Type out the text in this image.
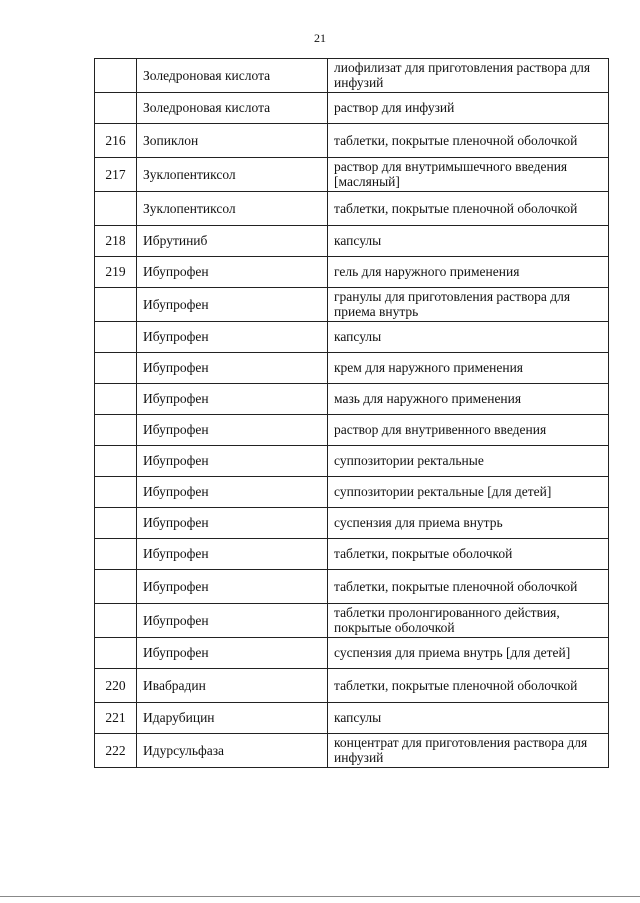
21
	Золедроновая кислота	лиофилизат для приготовления раствора для инфузий
	Золедроновая кислота	раствор для инфузий
216	Зопиклон	таблетки, покрытые пленочной оболочкой
217	Зуклопентиксол	раствор для внутримышечного введения [масляный]
	Зуклопентиксол	таблетки, покрытые пленочной оболочкой
218	Ибрутиниб	капсулы
219	Ибупрофен	гель для наружного применения
	Ибупрофен	гранулы для приготовления раствора для приема внутрь
	Ибупрофен	капсулы
	Ибупрофен	крем для наружного применения
	Ибупрофен	мазь для наружного применения
	Ибупрофен	раствор для внутривенного введения
	Ибупрофен	суппозитории ректальные
	Ибупрофен	суппозитории ректальные [для детей]
	Ибупрофен	суспензия для приема внутрь
	Ибупрофен	таблетки, покрытые оболочкой
	Ибупрофен	таблетки, покрытые пленочной оболочкой
	Ибупрофен	таблетки пролонгированного действия, покрытые оболочкой
	Ибупрофен	суспензия для приема внутрь [для детей]
220	Ивабрадин	таблетки, покрытые пленочной оболочкой
221	Идарубицин	капсулы
222	Идурсульфаза	концентрат для приготовления раствора для инфузий
